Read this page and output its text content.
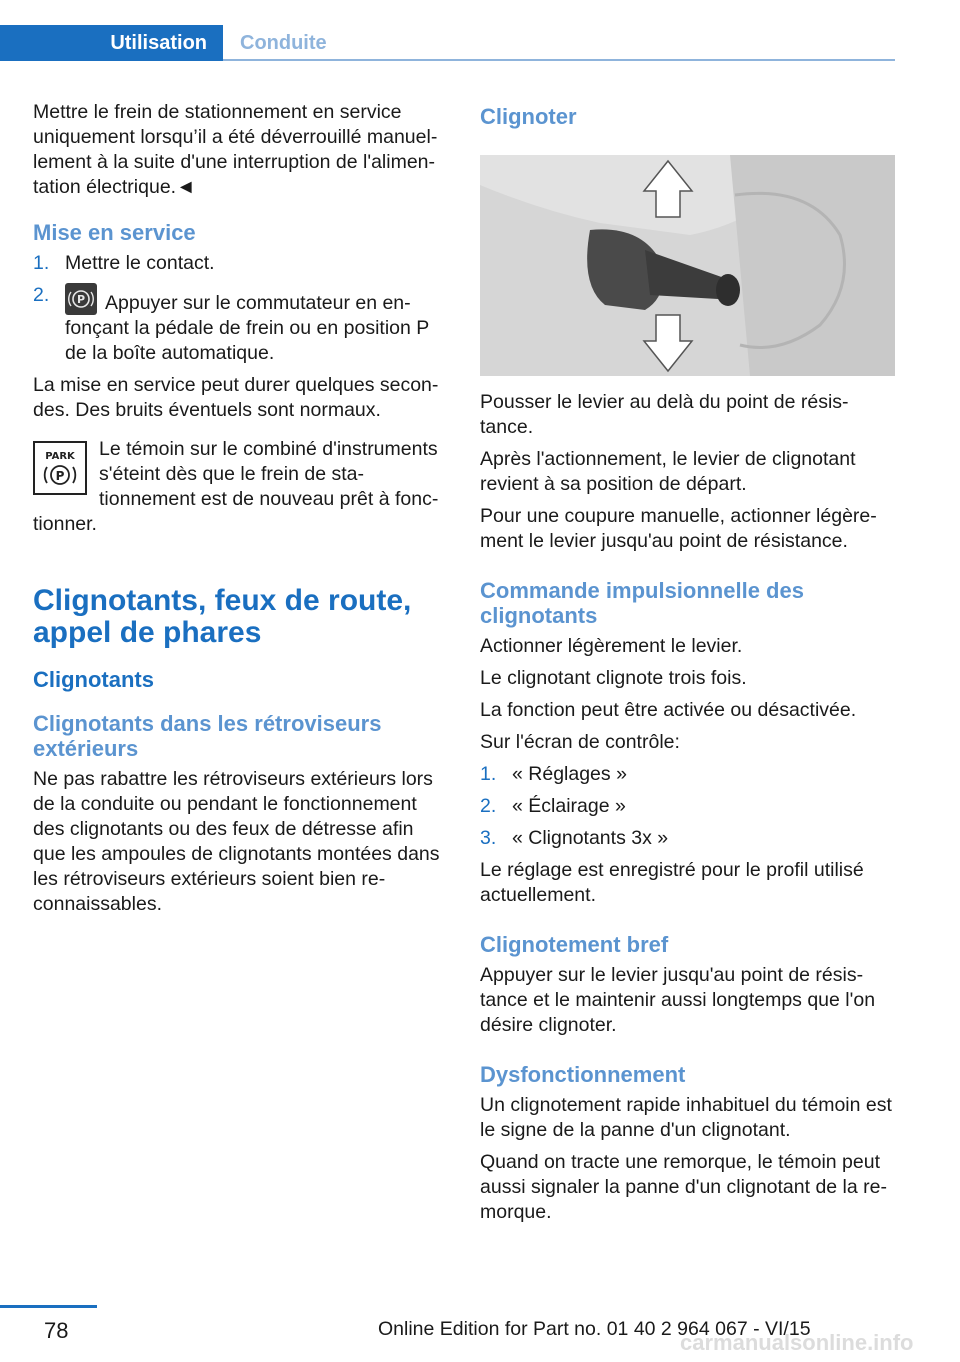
Utilisation	Conduite

Mettre le frein de stationnement en service uniquement lorsqu’il a été déverrouillé manuellement à la suite d'une interruption de l'alimentation électrique.◄

Mise en service
1. Mettre le contact.
2.	P Appuyer sur le commutateur en enfonçant la pédale de frein ou en position P de la boîte automatique.

La mise en service peut durer quelques secondes. Des bruits éventuels sont normaux.

PARK
P
Le témoin sur le combiné d'instruments s'éteint dès que le frein de stationnement est de nouveau prêt à fonctionner.
Clignotants, feux de route, appel de phares
Clignotants
Clignotants dans les rétroviseurs extérieurs

Ne pas rabattre les rétroviseurs extérieurs lors de la conduite ou pendant le fonctionnement des clignotants ou des feux de détresse afin que les ampoules de clignotants montées dans les rétroviseurs extérieurs soient bien reconnaissables.

Clignoter

Pousser le levier au delà du point de résistance.

Après l'actionnement, le levier de clignotant revient à sa position de départ.

Pour une coupure manuelle, actionner légèrement le levier jusqu'au point de résistance.

Commande impulsionnelle des clignotants

Actionner légèrement le levier.

Le clignotant clignote trois fois.

La fonction peut être activée ou désactivée.

Sur l'écran de contrôle:

1. « Réglages »
2. « Éclairage »
3. « Clignotants 3x »

Le réglage est enregistré pour le profil utilisé actuellement.

Clignotement bref

Appuyer sur le levier jusqu'au point de résistance et le maintenir aussi longtemps que l'on désire clignoter.

Dysfonctionnement

Un clignotement rapide inhabituel du témoin est le signe de la panne d'un clignotant.

Quand on tracte une remorque, le témoin peut aussi signaler la panne d'un clignotant de la remorque.

78	Online Edition for Part no. 01 40 2 964 067 - VI/15
carmanualsonline.info
